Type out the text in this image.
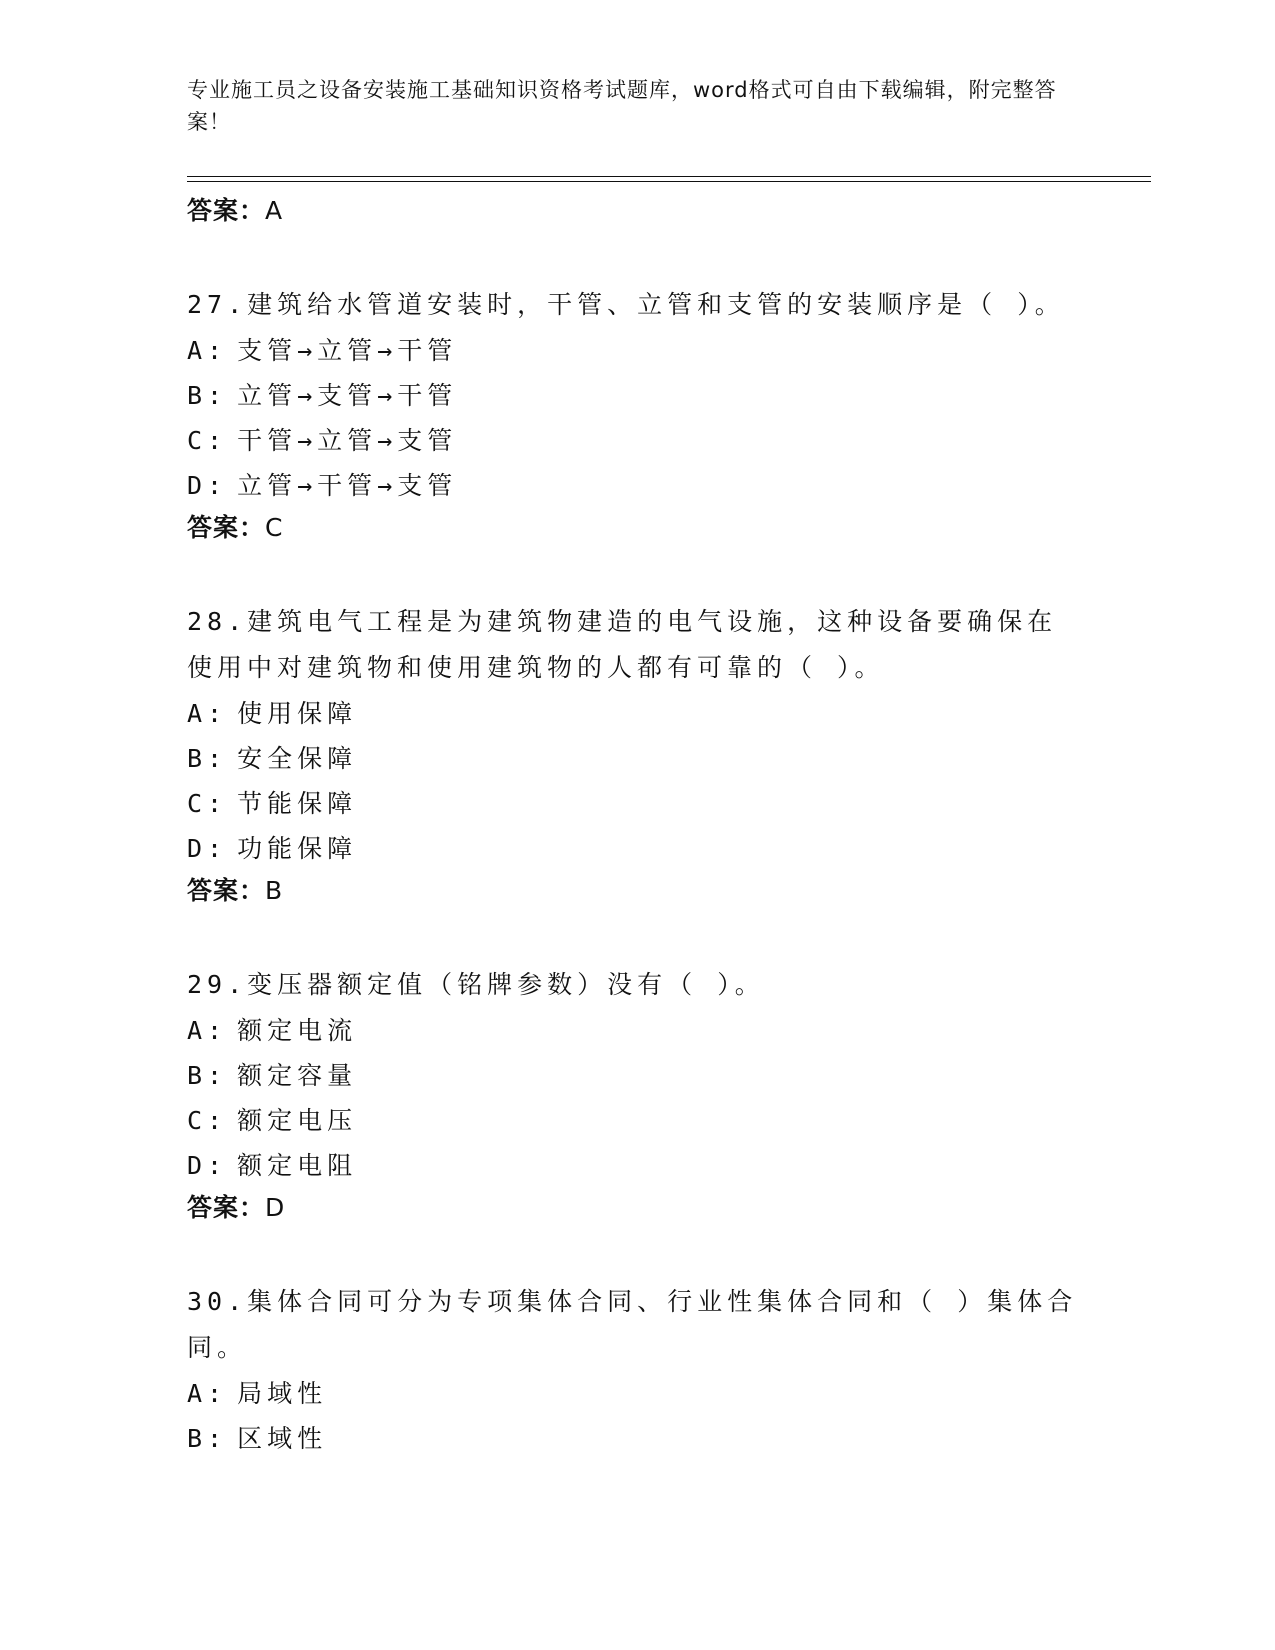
专业施工员之设备安装施工基础知识资格考试题库，word格式可自由下载编辑，附完整答案！
答案：A
27.建筑给水管道安装时，干管、立管和支管的安装顺序是（ ）。
A: 支管→立管→干管
B: 立管→支管→干管
C: 干管→立管→支管
D: 立管→干管→支管
答案：C
28.建筑电气工程是为建筑物建造的电气设施，这种设备要确保在使用中对建筑物和使用建筑物的人都有可靠的（ ）。
A: 使用保障
B: 安全保障
C: 节能保障
D: 功能保障
答案：B
29.变压器额定值（铭牌参数）没有（ ）。
A: 额定电流
B: 额定容量
C: 额定电压
D: 额定电阻
答案：D
30.集体合同可分为专项集体合同、行业性集体合同和（ ）集体合同。
A: 局域性
B: 区域性
